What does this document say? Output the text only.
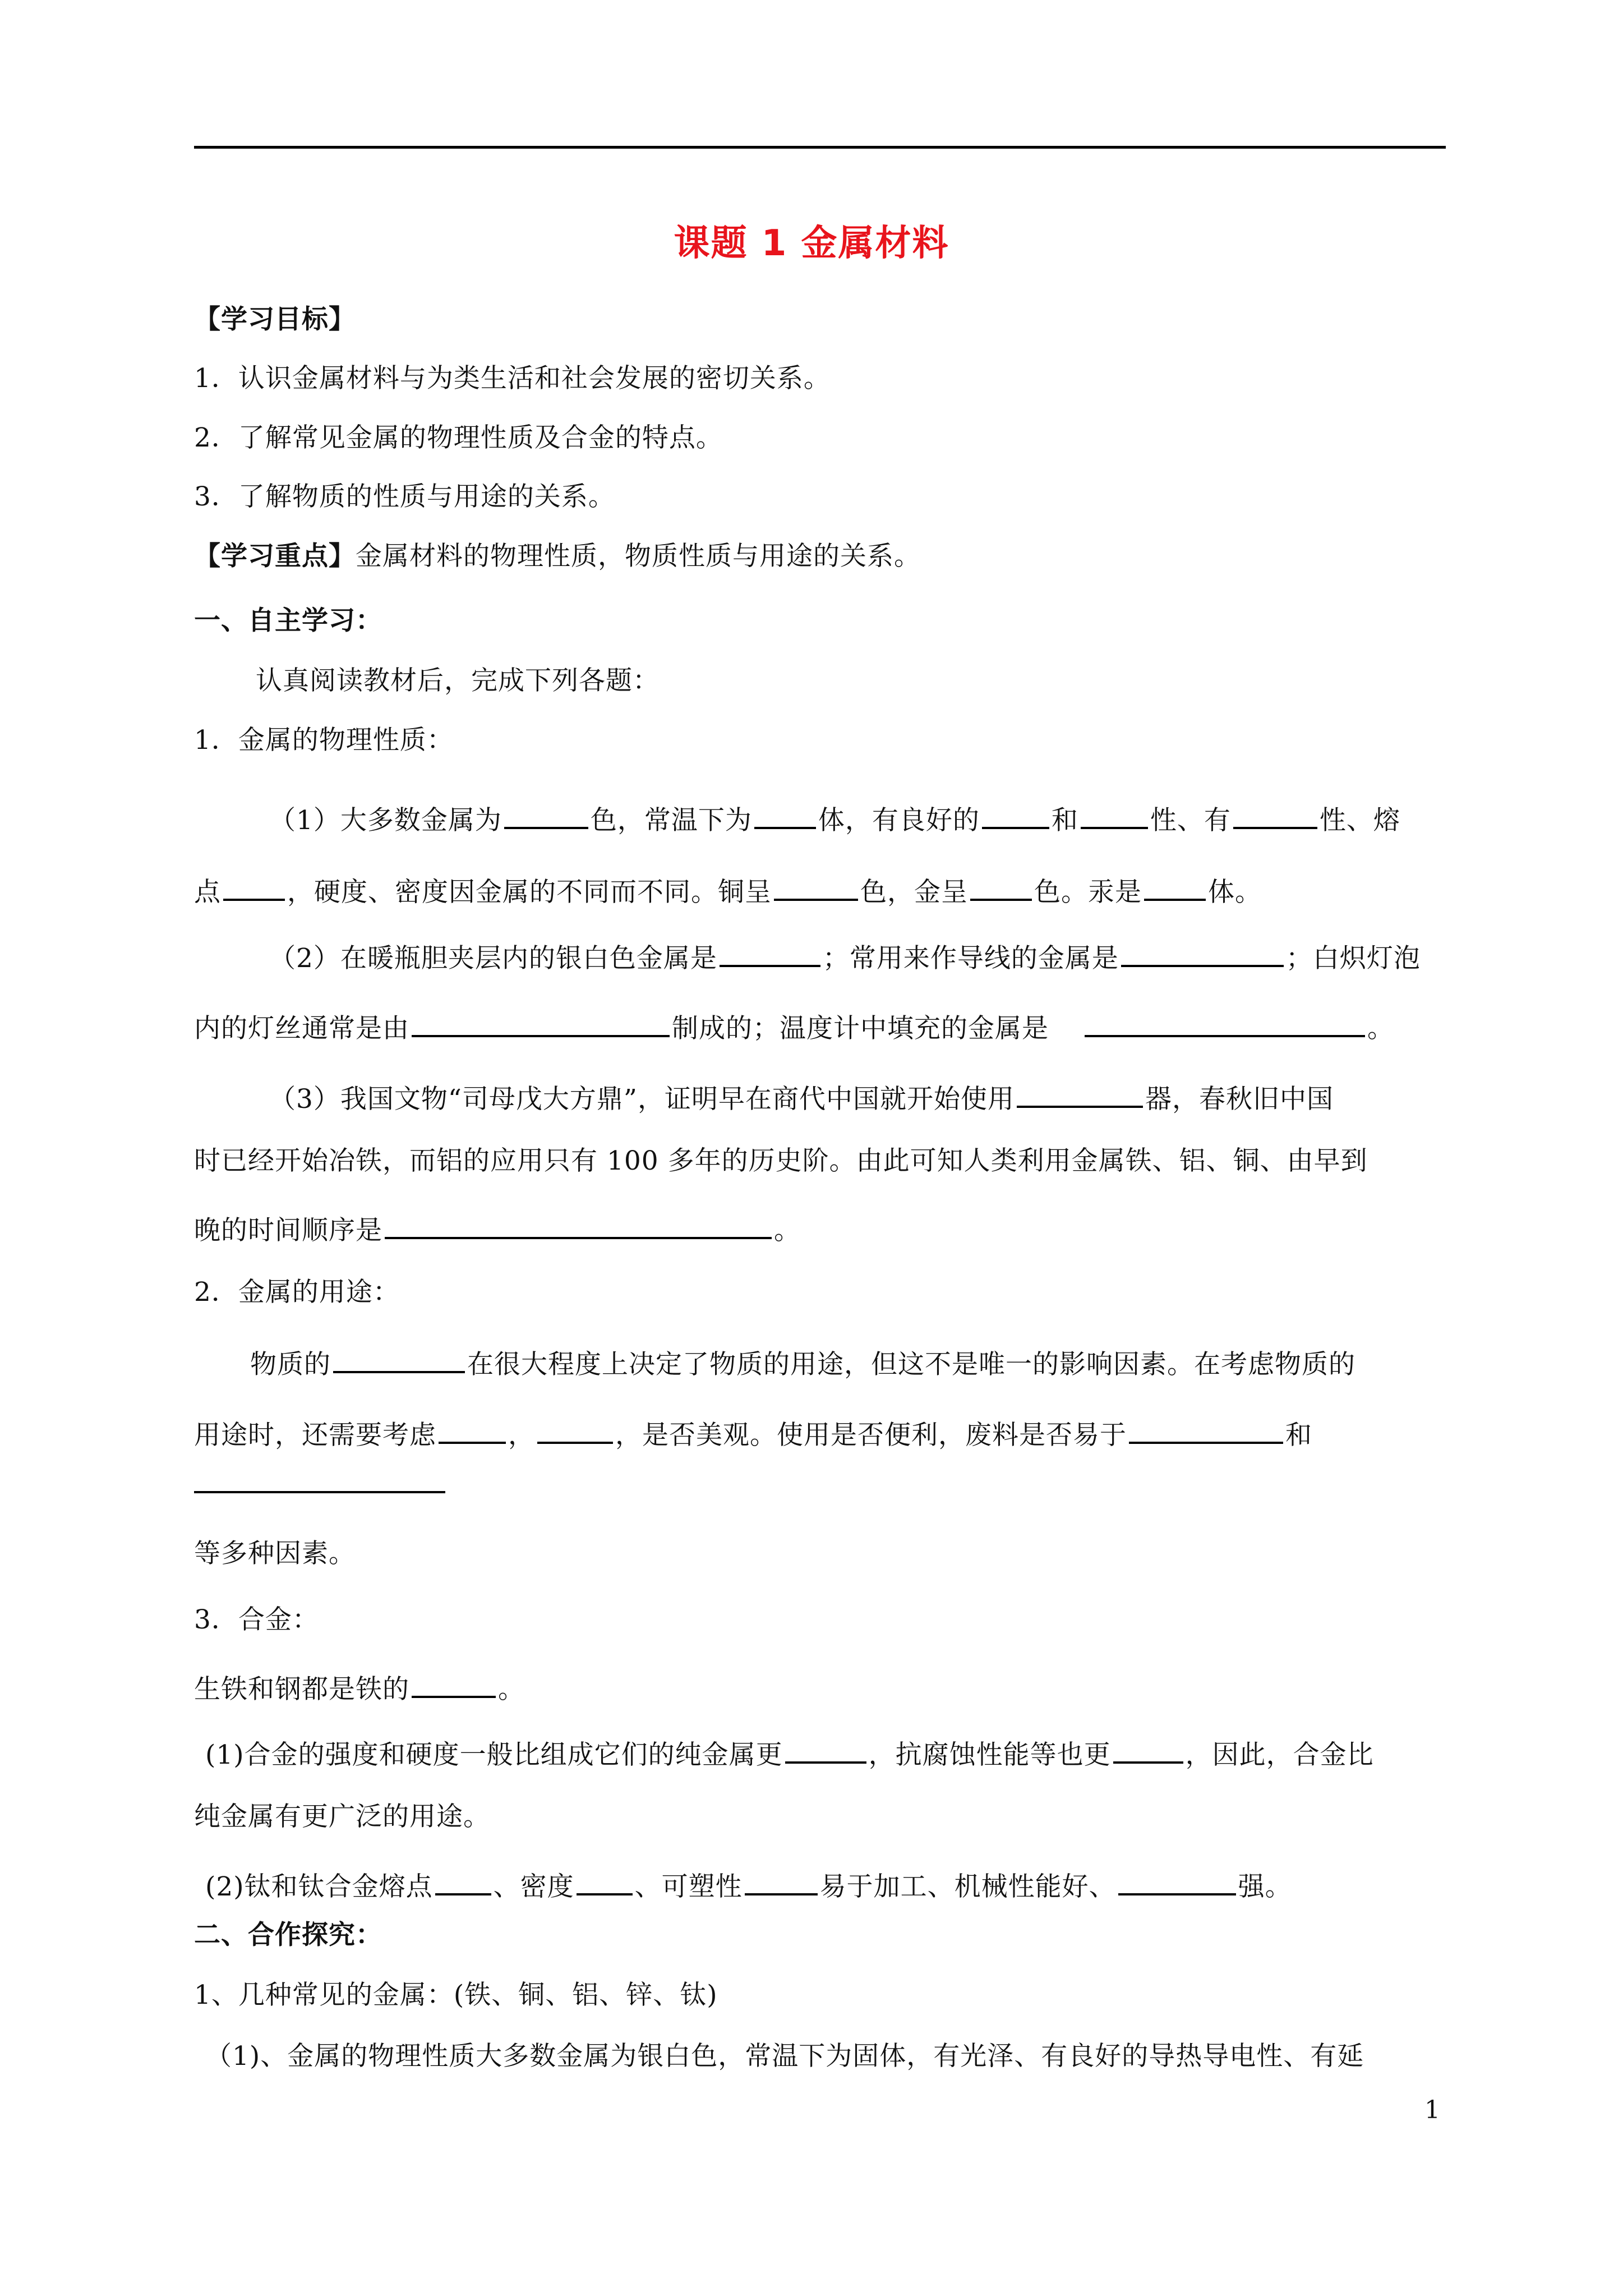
课题 1 金属材料
【学习目标】
1．认识金属材料与为类生活和社会发展的密切关系。
2．了解常见金属的物理性质及合金的特点。
3．了解物质的性质与用途的关系。
【学习重点】金属材料的物理性质，物质性质与用途的关系。
一、自主学习：
认真阅读教材后，完成下列各题：
1．金属的物理性质：
（1）大多数金属为	色，常温下为	体，有良好的	和	性、有	性、熔
点	，硬度、密度因金属的不同而不同。铜呈	色，金呈	色。汞是	体。
（2）在暖瓶胆夹层内的银白色金属是	；常用来作导线的金属是	；白炽灯泡
内的灯丝通常是由	制成的；温度计中填充的金属是	。
（3）我国文物“司母戊大方鼎”，证明早在商代中国就开始使用	器，春秋旧中国
时已经开始冶铁，而铝的应用只有 100 多年的历史阶。由此可知人类利用金属铁、铝、铜、由早到
晚的时间顺序是	。
2．金属的用途：
物质的	在很大程度上决定了物质的用途，但这不是唯一的影响因素。在考虑物质的
用途时，还需要考虑	，	，是否美观。使用是否便利，废料是否易于	和
等多种因素。
3．合金：
生铁和钢都是铁的	。
(1)合金的强度和硬度一般比组成它们的纯金属更	，抗腐蚀性能等也更	，因此，合金比
纯金属有更广泛的用途。
(2)钛和钛合金熔点 、密度 、可塑性	易于加工、机械性能好、	强。
二、合作探究：
1、几种常见的金属：(铁、铜、铝、锌、钛)
（1)、金属的物理性质大多数金属为银白色，常温下为固体，有光泽、有良好的导热导电性、有延
1
